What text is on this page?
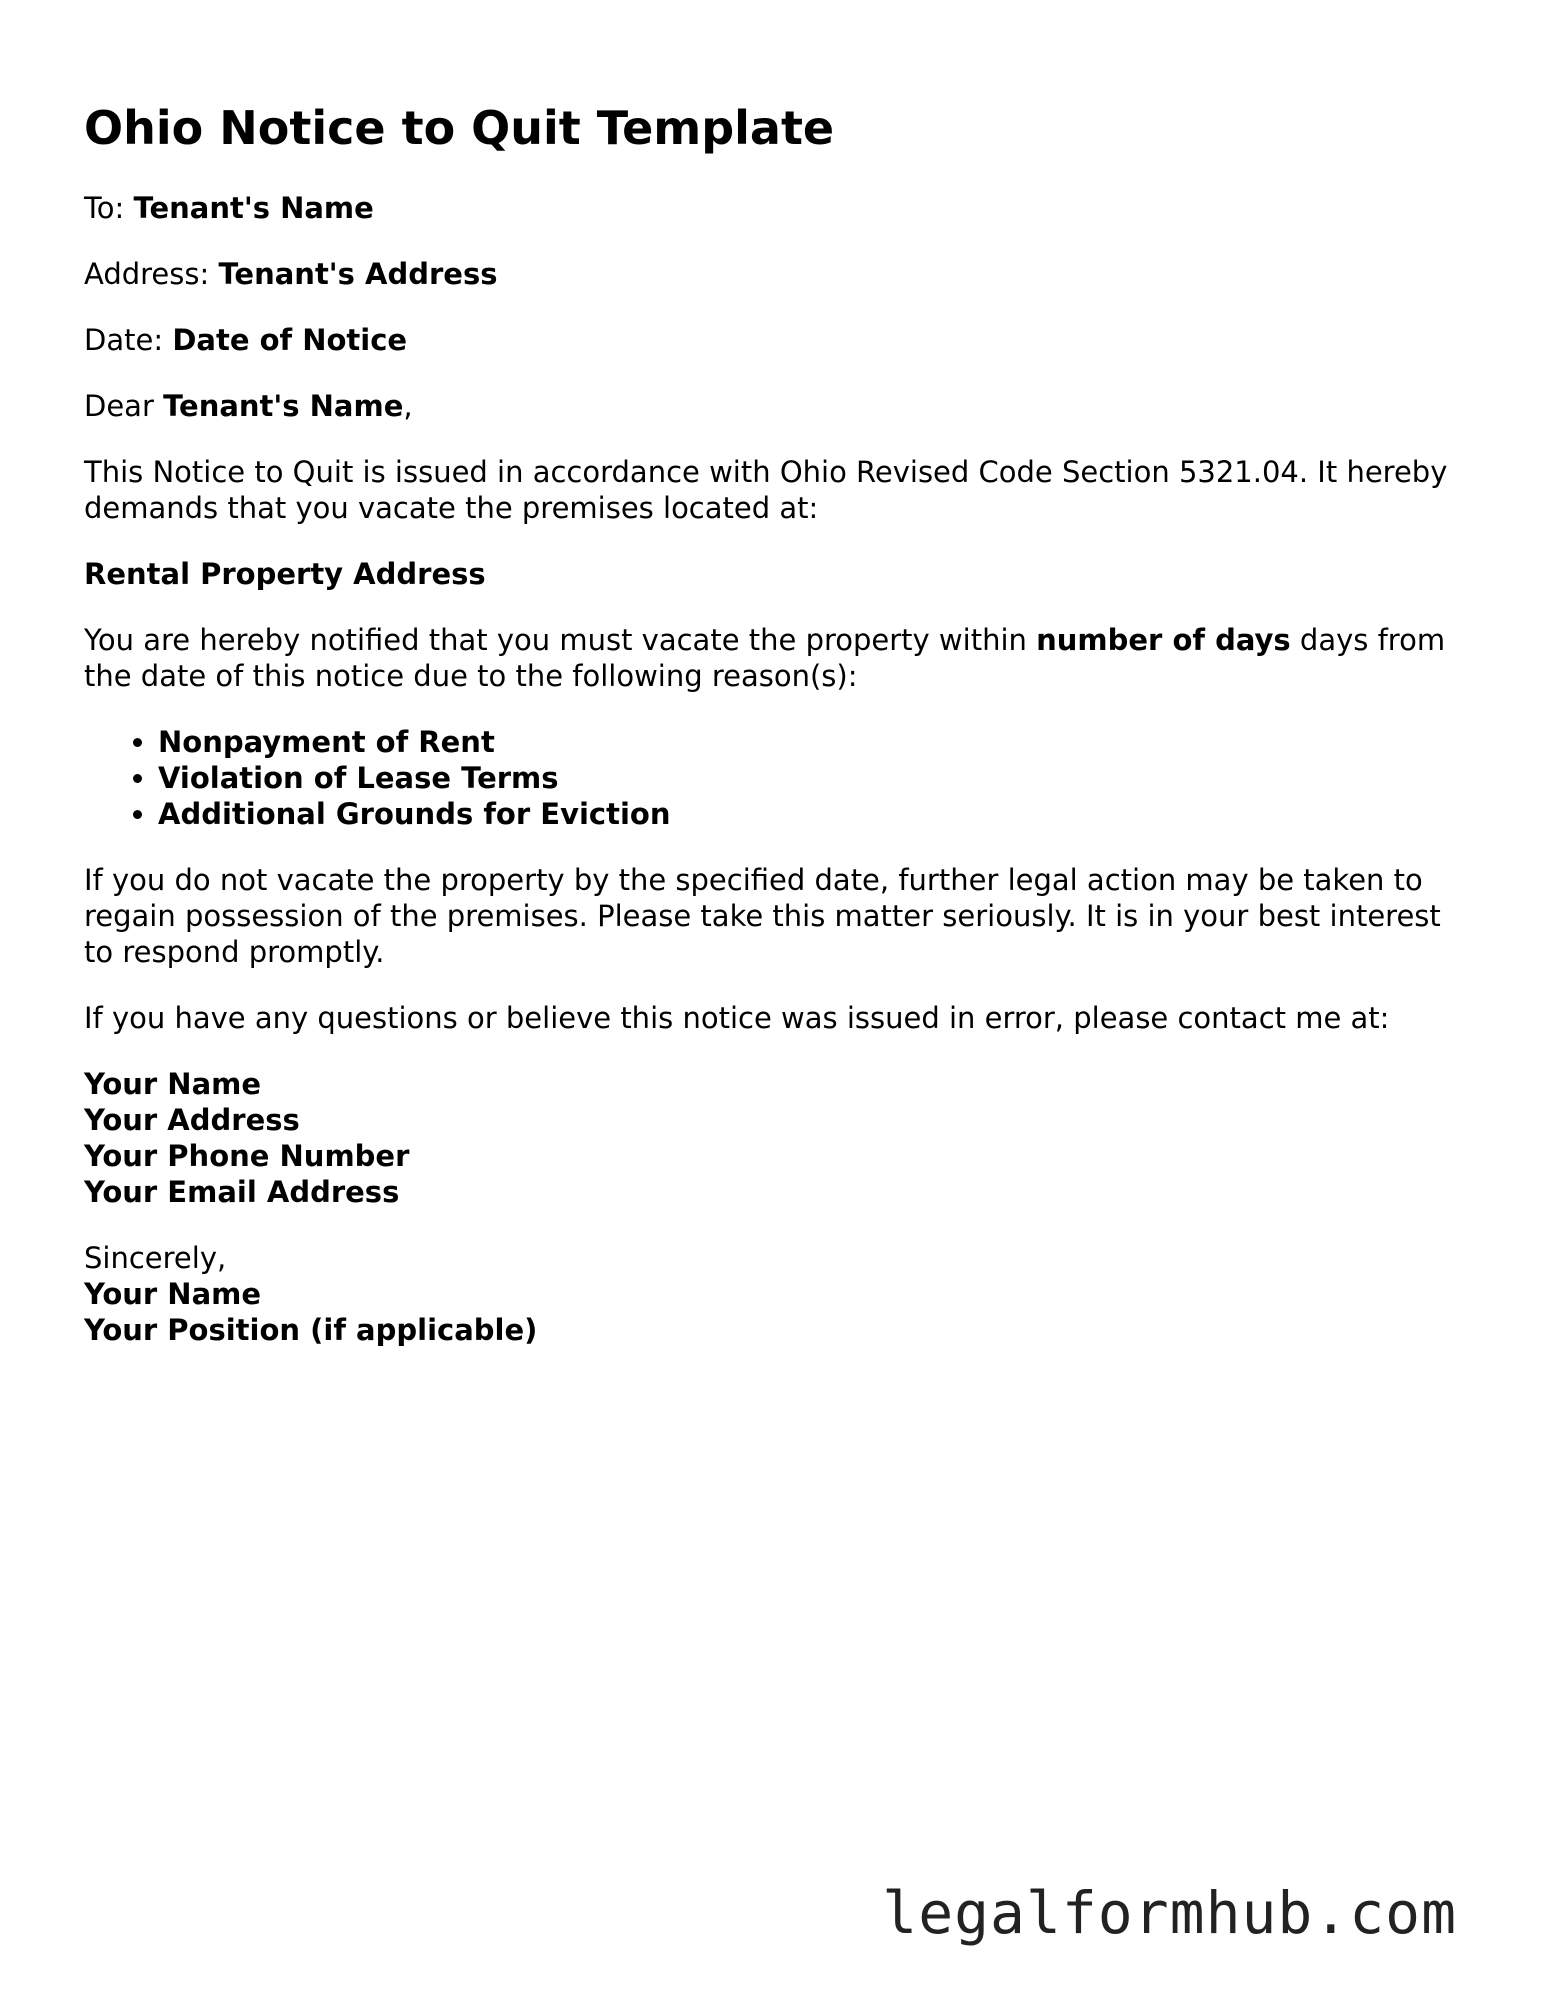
Ohio Notice to Quit Template

To: Tenant's Name

Address: Tenant's Address

Date: Date of Notice

Dear Tenant's Name,

This Notice to Quit is issued in accordance with Ohio Revised Code Section 5321.04. It hereby demands that you vacate the premises located at:

Rental Property Address

You are hereby notified that you must vacate the property within number of days days from the date of this notice due to the following reason(s):

• Nonpayment of Rent
• Violation of Lease Terms
• Additional Grounds for Eviction

If you do not vacate the property by the specified date, further legal action may be taken to regain possession of the premises. Please take this matter seriously. It is in your best interest to respond promptly.

If you have any questions or believe this notice was issued in error, please contact me at:

Your Name
Your Address
Your Phone Number
Your Email Address
Sincerely,
Your Name
Your Position (if applicable)
legalformhub.com
